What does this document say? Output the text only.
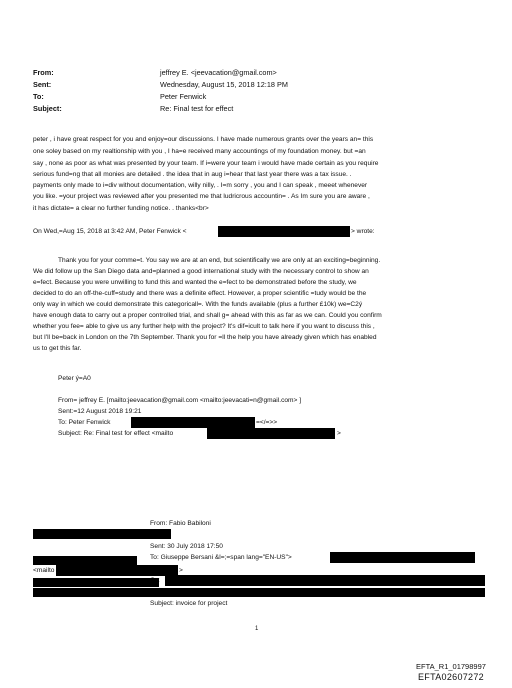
From:	jeffrey E. <jeevacation@gmail.com>
Sent:	Wednesday, August 15, 2018 12:18 PM
To:	Peter Fenwick
Subject:	Re: Final test for effect
peter , i have great respect for you and enjoy=our discussions. I have made numerous grants over the years an= this
one soley based on my realtionship with you , I ha=e received many accountings of my foundation money. but =an
say , none as poor as what was presented by your team. If i=were your team i would have made certain as you require
serious fund=ng that all monies are detailed . the idea that in aug i=hear that last year there was a tax issue. .
payments only made to i=div without documentation, willy nilly, . I=m sorry , you and I can speak , meeet whenever
you like. =your project was reviewed after you presented me that ludricrous accountin= . As Im sure you are aware ,
it has dictate= a clear no further funding notice. . thanks<br>
On Wed,=Aug 15, 2018 at 3:42 AM, Peter Fenwick <	> wrote:
Thank you for your comme=t. You say we are at an end, but scientifically we are only at an exciting=beginning.
We did follow up the San Diego data and=planned a good international study with the necessary control to show an
e=fect. Because you were unwilling to fund this and wanted the e=fect to be demonstrated before the study, we
decided to do an off-the-cuff=study and there was a definite effect. However, a proper scientific =tudy would be the
only way in which we could demonstrate this categoricall=. With the funds available (plus a further £10k) we=C2ý
have enough data to carry out a proper controlled trial, and shall g= ahead with this as far as we can. Could you confirm
whether you fee= able to give us any further help with the project? It's dif=icult to talk here if you want to discuss this ,
but I'll be=back in London on the 7th September. Thank you for =ll the help you have already given which has enabled
us to get this far.
Peter ý=A0
From= jeffrey E. [mailto:jeevacation@gmail.com <mailto:jeevacati=n@gmail.com> ]
Sent:=12 August 2018 19:21
To: Peter Fenwick	=</=>>
Subject: Re: Final test for effect <mailto	>
From: Fabio Babiloni
Sent: 30 July 2018 17:50
To: Giuseppe Bersani &l=;=span lang="EN-US">
<mailto	>
Subject: invoice for project
1
EFTA_R1_01798997
EFTA02607272
